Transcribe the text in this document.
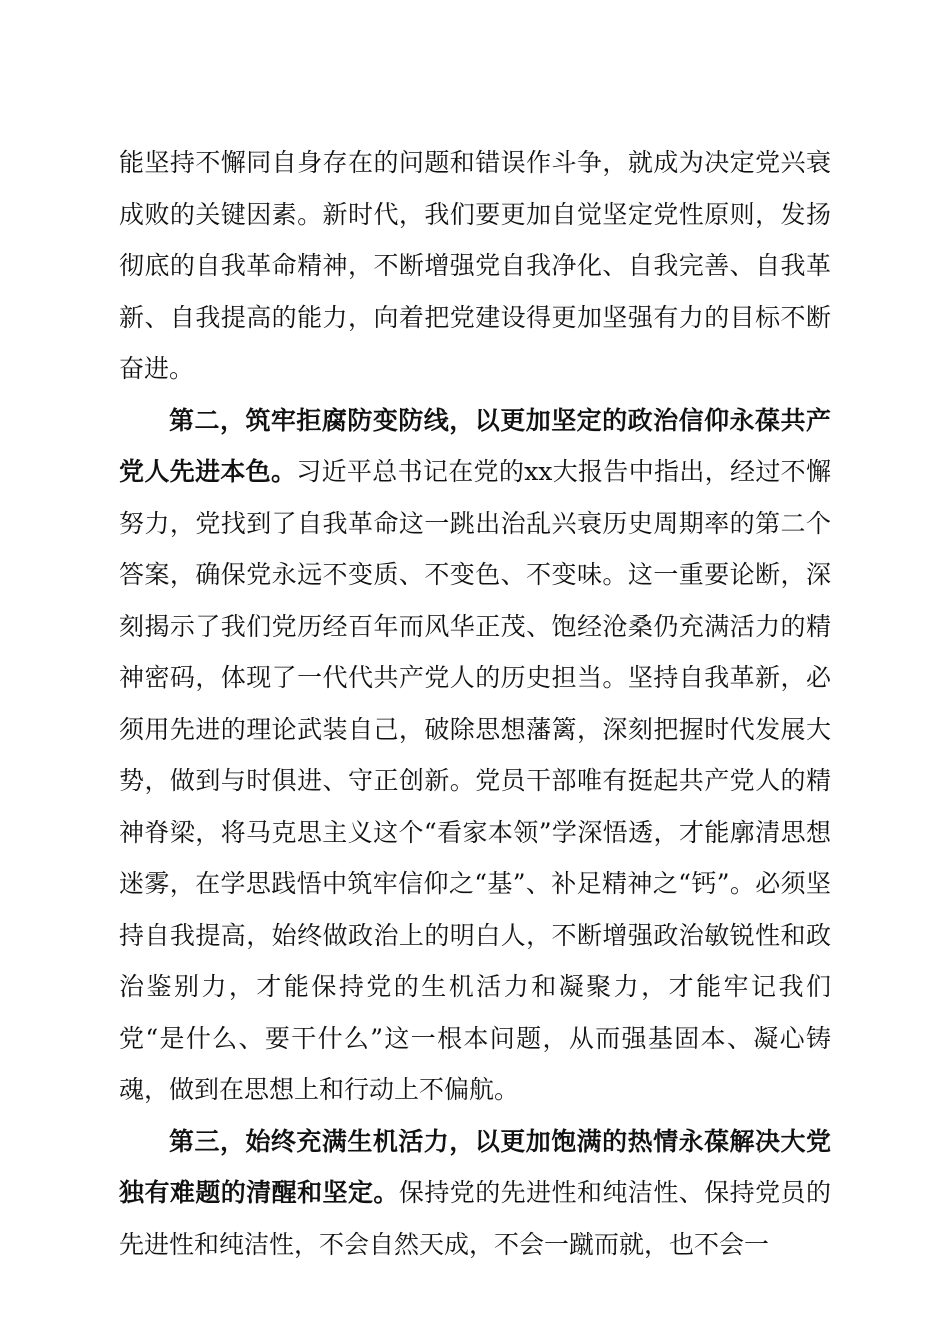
能坚持不懈同自身存在的问题和错误作斗争，就成为决定党兴衰成败的关键因素。新时代，我们要更加自觉坚定党性原则，发扬彻底的自我革命精神，不断增强党自我净化、自我完善、自我革新、自我提高的能力，向着把党建设得更加坚强有力的目标不断奋进。

第二，筑牢拒腐防变防线，以更加坚定的政治信仰永葆共产党人先进本色。习近平总书记在党的xx大报告中指出，经过不懈努力，党找到了自我革命这一跳出治乱兴衰历史周期率的第二个答案，确保党永远不变质、不变色、不变味。这一重要论断，深刻揭示了我们党历经百年而风华正茂、饱经沧桑仍充满活力的精神密码，体现了一代代共产党人的历史担当。坚持自我革新，必须用先进的理论武装自己，破除思想藩篱，深刻把握时代发展大势，做到与时俱进、守正创新。党员干部唯有挺起共产党人的精神脊梁，将马克思主义这个“看家本领”学深悟透，才能廓清思想迷雾，在学思践悟中筑牢信仰之“基”、补足精神之“钙”。必须坚持自我提高，始终做政治上的明白人，不断增强政治敏锐性和政治鉴别力，才能保持党的生机活力和凝聚力，才能牢记我们党“是什么、要干什么”这一根本问题，从而强基固本、凝心铸魂，做到在思想上和行动上不偏航。

第三，始终充满生机活力，以更加饱满的热情永葆解决大党独有难题的清醒和坚定。保持党的先进性和纯洁性、保持党员的先进性和纯洁性，不会自然天成，不会一蹴而就，也不会一
